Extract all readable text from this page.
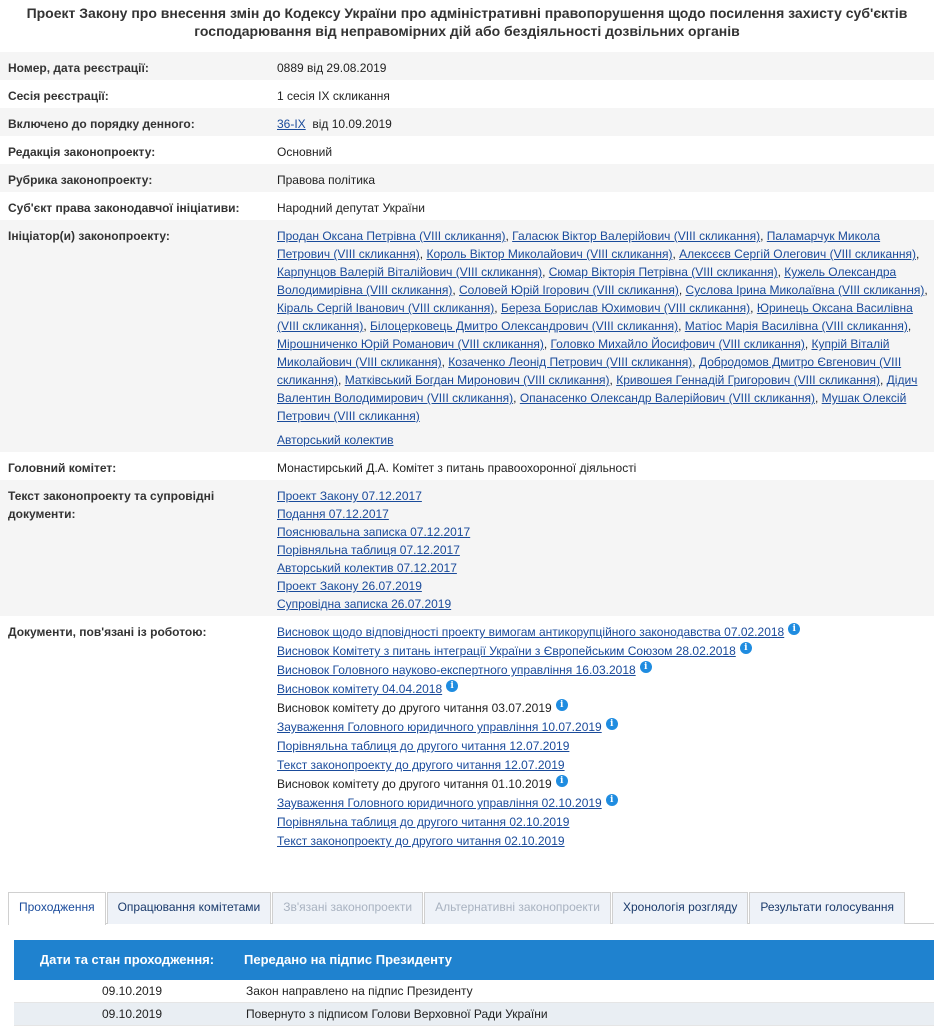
Проект Закону про внесення змін до Кодексу України про адміністративні правопорушення щодо посилення захисту суб'єктів господарювання від неправомірних дій або бездіяльності дозвільних органів
Номер, дата реєстрації:	0889 від 29.08.2019
Сесія реєстрації:	1 сесія IX скликання
Включено до порядку денного:	36-IX від 10.09.2019
Редакція законопроекту:	Основний
Рубрика законопроекту:	Правова політика
Суб'єкт права законодавчої ініціативи:	Народний депутат України
Ініціатор(и) законопроекту:	Продан Оксана Петрівна (VIII скликання), Галасюк Віктор Валерійович (VIII скликання), Паламарчук Микола Петрович (VIII скликання), Король Віктор Миколайович (VIII скликання), Алексєєв Сергій Олегович (VIII скликання), Карпунцов Валерій Віталійович (VIII скликання), Сюмар Вікторія Петрівна (VIII скликання), Кужель Олександра Володимирівна (VIII скликання), Соловей Юрій Ігорович (VIII скликання), Суслова Ірина Миколаївна (VIII скликання), Кіраль Сергій Іванович (VIII скликання), Береза Борислав Юхимович (VIII скликання), Юринець Оксана Василівна (VIII скликання), Білоцерковець Дмитро Олександрович (VIII скликання), Матіос Марія Василівна (VIII скликання), Мірошниченко Юрій Романович (VIII скликання), Головко Михайло Йосифович (VIII скликання), Купрій Віталій Миколайович (VIII скликання), Козаченко Леонід Петрович (VIII скликання), Добродомов Дмитро Євгенович (VIII скликання), Матківський Богдан Миронович (VIII скликання), Кривошея Геннадій Григорович (VIII скликання), Дідич Валентин Володимирович (VIII скликання), Опанасенко Олександр Валерійович (VIII скликання), Мушак Олексій Петрович (VIII скликання)
Авторський колектив
Головний комітет:	Монастирський Д.А. Комітет з питань правоохоронної діяльності
Текст законопроекту та супровідні документи:
Проект Закону 07.12.2017
Подання 07.12.2017
Пояснювальна записка 07.12.2017
Порівняльна таблиця 07.12.2017
Авторський колектив 07.12.2017
Проект Закону 26.07.2019
Супровідна записка 26.07.2019
Документи, пов'язані із роботою:	Висновок щодо відповідності проекту вимогам антикорупційного законодавства 07.02.2018 i
Висновок Комітету з питань інтеграції України з Європейським Союзом 28.02.2018 i
Висновок Головного науково-експертного управління 16.03.2018 i
Висновок комітету 04.04.2018 i
Висновок комітету до другого читання 03.07.2019 i
Зауваження Головного юридичного управління 10.07.2019 i
Порівняльна таблиця до другого читання 12.07.2019
Текст законопроекту до другого читання 12.07.2019
Висновок комітету до другого читання 01.10.2019 i
Зауваження Головного юридичного управління 02.10.2019 i
Порівняльна таблиця до другого читання 02.10.2019
Текст законопроекту до другого читання 02.10.2019
Проходження	Опрацювання комітетами	Зв'язані законопроекти	Альтернативні законопроекти	Хронологія розгляду	Результати голосування
Дати та стан проходження:	Передано на підпис Президенту
09.10.2019	Закон направлено на підпис Президенту
09.10.2019	Повернуто з підписом Голови Верховної Ради України
